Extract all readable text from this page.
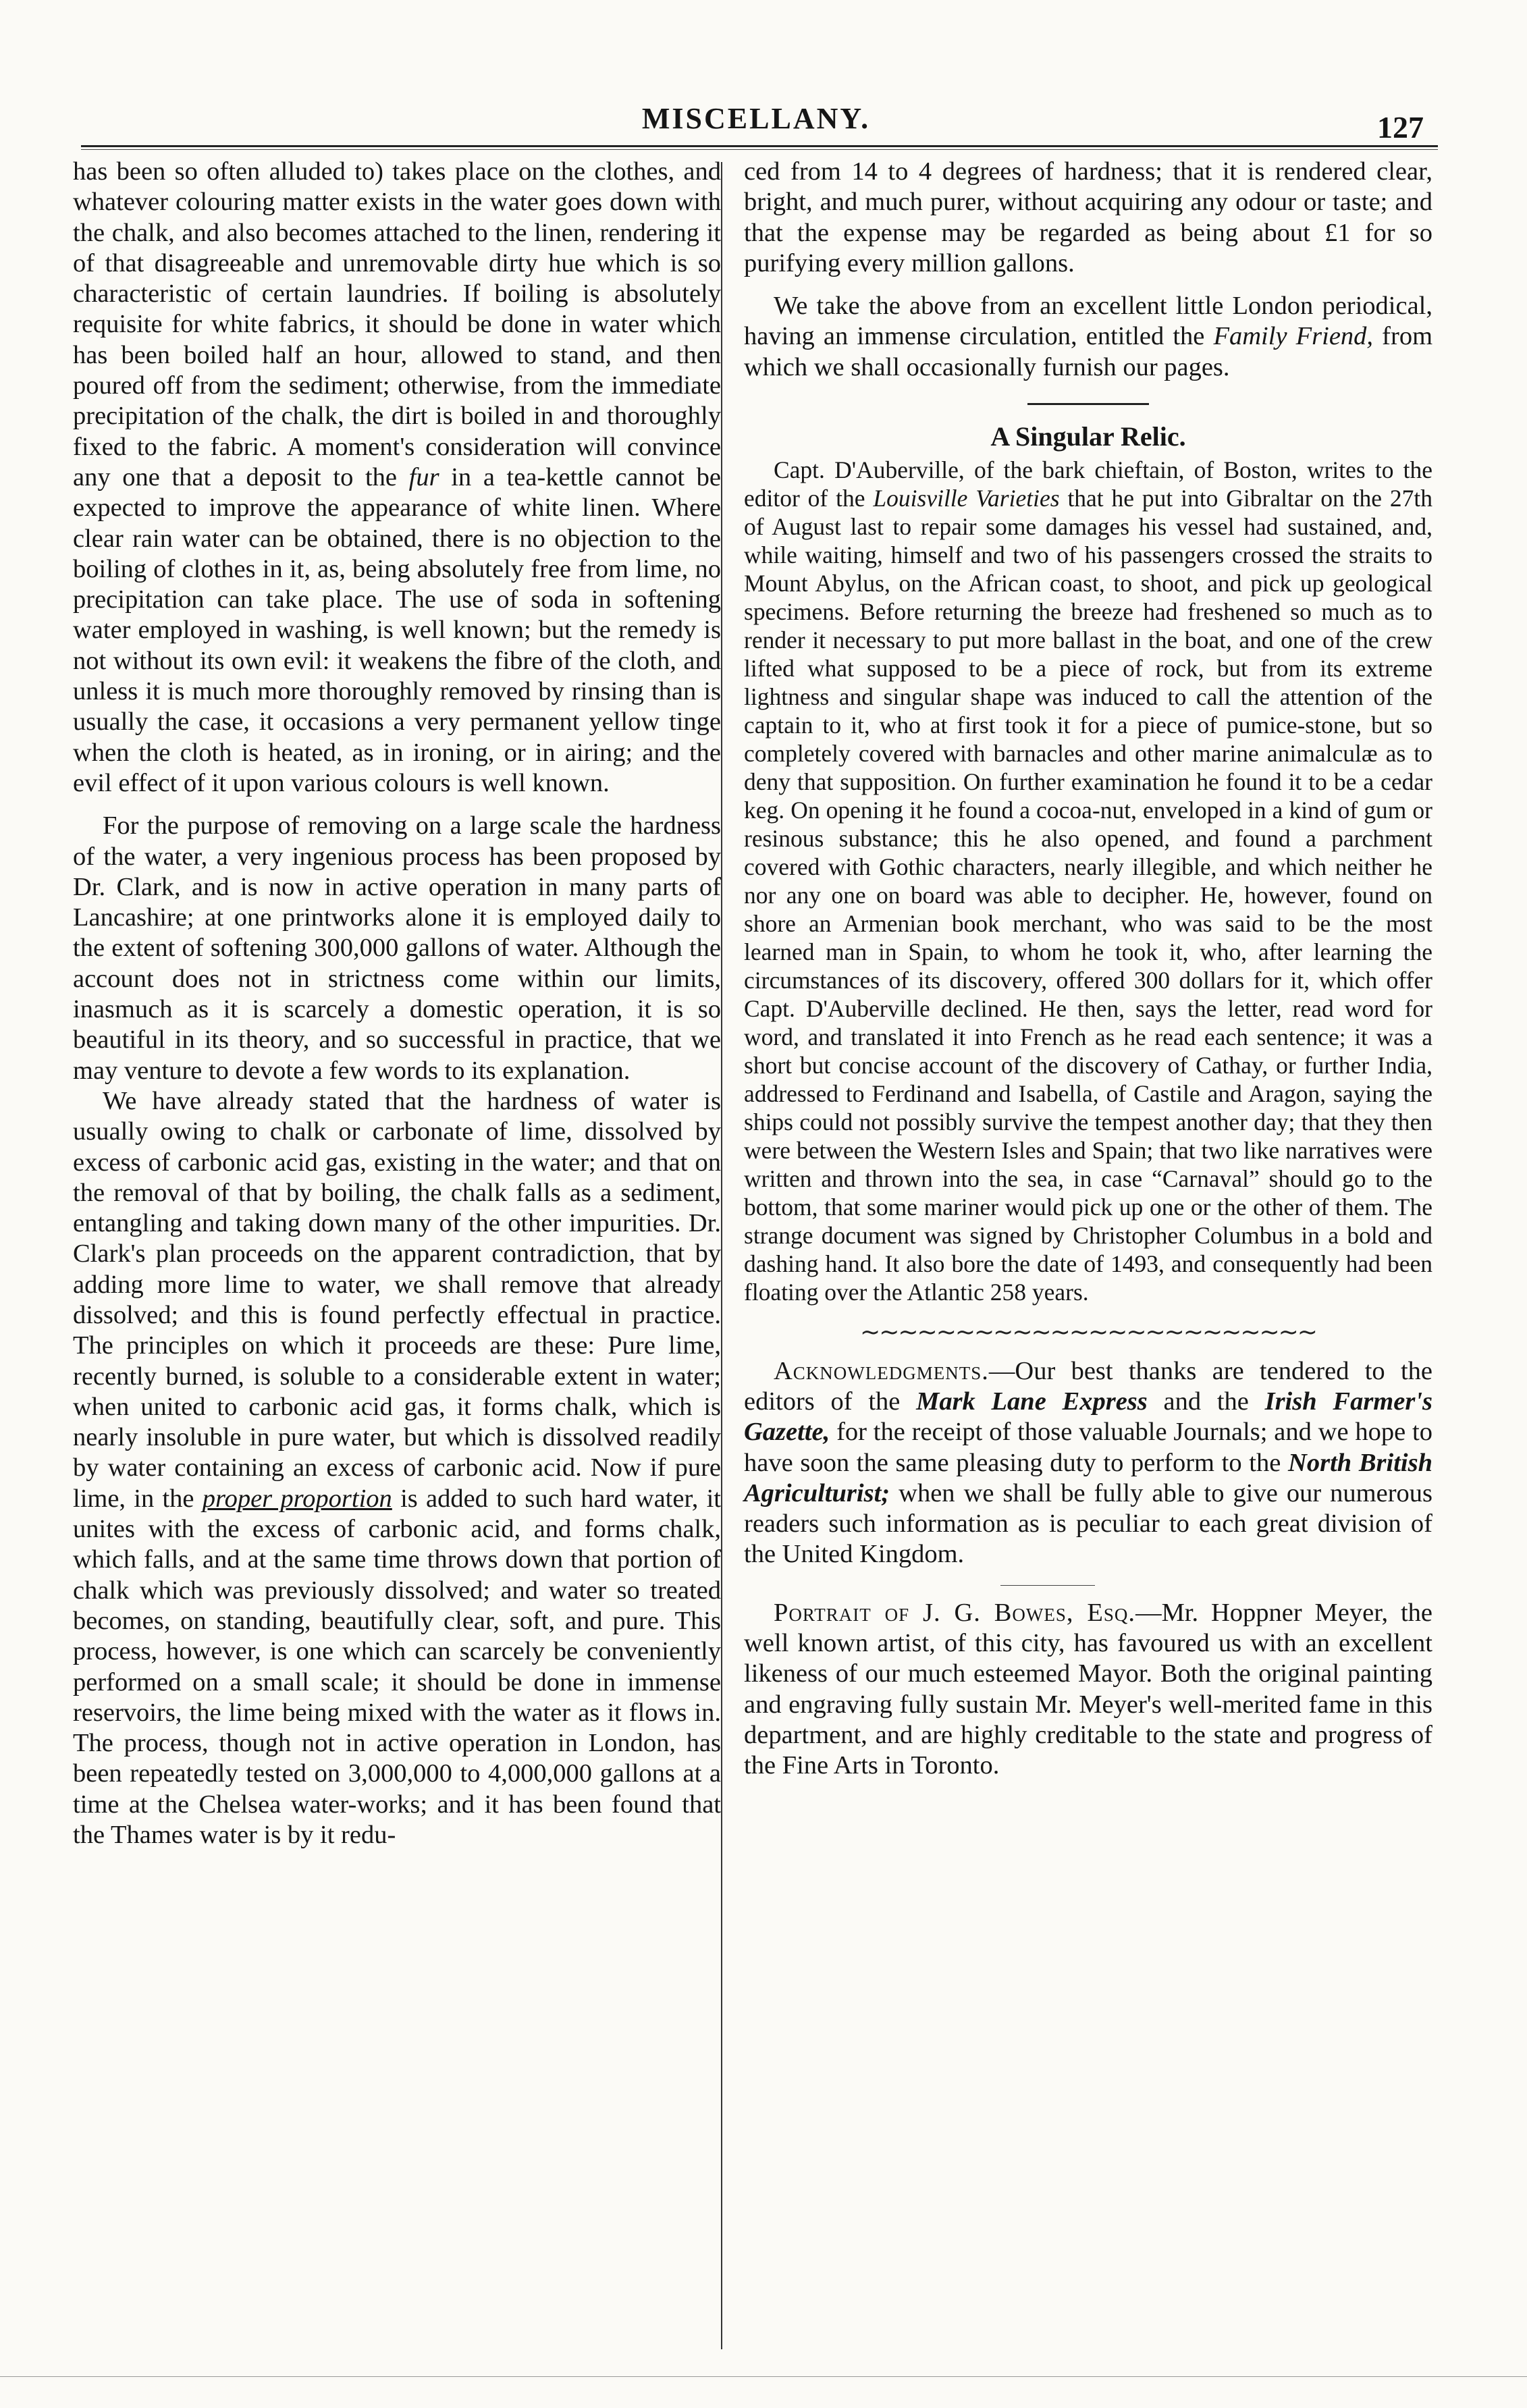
MISCELLANY.	127

has been so often alluded to) takes place on the clothes, and whatever colouring matter exists in the water goes down with the chalk, and also becomes attached to the linen, rendering it of that disagreeable and unremovable dirty hue which is so characteristic of certain laundries. If boiling is absolutely requisite for white fabrics, it should be done in water which has been boiled half an hour, allowed to stand, and then poured off from the sediment; otherwise, from the immediate precipitation of the chalk, the dirt is boiled in and thoroughly fixed to the fabric. A moment's consideration will convince any one that a deposit to the fur in a tea-kettle cannot be expected to improve the appearance of white linen. Where clear rain water can be obtained, there is no objection to the boiling of clothes in it, as, being absolutely free from lime, no precipitation can take place. The use of soda in softening water employed in washing, is well known; but the remedy is not without its own evil: it weakens the fibre of the cloth, and unless it is much more thoroughly removed by rinsing than is usually the case, it occasions a very permanent yellow tinge when the cloth is heated, as in ironing, or in airing; and the evil effect of it upon various colours is well known.

For the purpose of removing on a large scale the hardness of the water, a very ingenious process has been proposed by Dr. Clark, and is now in active operation in many parts of Lancashire; at one printworks alone it is employed daily to the extent of softening 300,000 gallons of water. Although the account does not in strictness come within our limits, inasmuch as it is scarcely a domestic operation, it is so beautiful in its theory, and so successful in practice, that we may venture to devote a few words to its explanation.

We have already stated that the hardness of water is usually owing to chalk or carbonate of lime, dissolved by excess of carbonic acid gas, existing in the water; and that on the removal of that by boiling, the chalk falls as a sediment, entangling and taking down many of the other impurities. Dr. Clark's plan proceeds on the apparent contradiction, that by adding more lime to water, we shall remove that already dissolved; and this is found perfectly effectual in practice. The principles on which it proceeds are these: Pure lime, recently burned, is soluble to a considerable extent in water; when united to carbonic acid gas, it forms chalk, which is nearly insoluble in pure water, but which is dissolved readily by water containing an excess of carbonic acid. Now if pure lime, in the proper proportion is added to such hard water, it unites with the excess of carbonic acid, and forms chalk, which falls, and at the same time throws down that portion of chalk which was previously dissolved; and water so treated becomes, on standing, beautifully clear, soft, and pure. This process, however, is one which can scarcely be conveniently performed on a small scale; it should be done in immense reservoirs, the lime being mixed with the water as it flows in. The process, though not in active operation in London, has been repeatedly tested on 3,000,000 to 4,000,000 gallons at a time at the Chelsea water-works; and it has been found that the Thames water is by it redu-

ced from 14 to 4 degrees of hardness; that it is rendered clear, bright, and much purer, without acquiring any odour or taste; and that the expense may be regarded as being about £1 for so purifying every million gallons.

We take the above from an excellent little London periodical, having an immense circulation, entitled the Family Friend, from which we shall occasionally furnish our pages.

A Singular Relic.

Capt. D'Auberville, of the bark chieftain, of Boston, writes to the editor of the Louisville Varieties that he put into Gibraltar on the 27th of August last to repair some damages his vessel had sustained, and, while waiting, himself and two of his passengers crossed the straits to Mount Abylus, on the African coast, to shoot, and pick up geological specimens. Before returning the breeze had freshened so much as to render it necessary to put more ballast in the boat, and one of the crew lifted what supposed to be a piece of rock, but from its extreme lightness and singular shape was induced to call the attention of the captain to it, who at first took it for a piece of pumice-stone, but so completely covered with barnacles and other marine animalculæ as to deny that supposition. On further examination he found it to be a cedar keg. On opening it he found a cocoa-nut, enveloped in a kind of gum or resinous substance; this he also opened, and found a parchment covered with Gothic characters, nearly illegible, and which neither he nor any one on board was able to decipher. He, however, found on shore an Armenian book merchant, who was said to be the most learned man in Spain, to whom he took it, who, after learning the circumstances of its discovery, offered 300 dollars for it, which offer Capt. D'Auberville declined. He then, says the letter, read word for word, and translated it into French as he read each sentence; it was a short but concise account of the discovery of Cathay, or further India, addressed to Ferdinand and Isabella, of Castile and Aragon, saying the ships could not possibly survive the tempest another day; that they then were between the Western Isles and Spain; that two like narratives were written and thrown into the sea, in case “Carnaval” should go to the bottom, that some mariner would pick up one or the other of them. The strange document was signed by Christopher Columbus in a bold and dashing hand. It also bore the date of 1493, and consequently had been floating over the Atlantic 258 years.

~~~~~~~~~~~~~~~~~~~~~~~~

Acknowledgments.—Our best thanks are tendered to the editors of the Mark Lane Express and the Irish Farmer's Gazette, for the receipt of those valuable Journals; and we hope to have soon the same pleasing duty to perform to the North British Agriculturist; when we shall be fully able to give our numerous readers such information as is peculiar to each great division of the United Kingdom.

Portrait of J. G. Bowes, Esq.—Mr. Hoppner Meyer, the well known artist, of this city, has favoured us with an excellent likeness of our much esteemed Mayor. Both the original painting and engraving fully sustain Mr. Meyer's well-merited fame in this department, and are highly creditable to the state and progress of the Fine Arts in Toronto.
